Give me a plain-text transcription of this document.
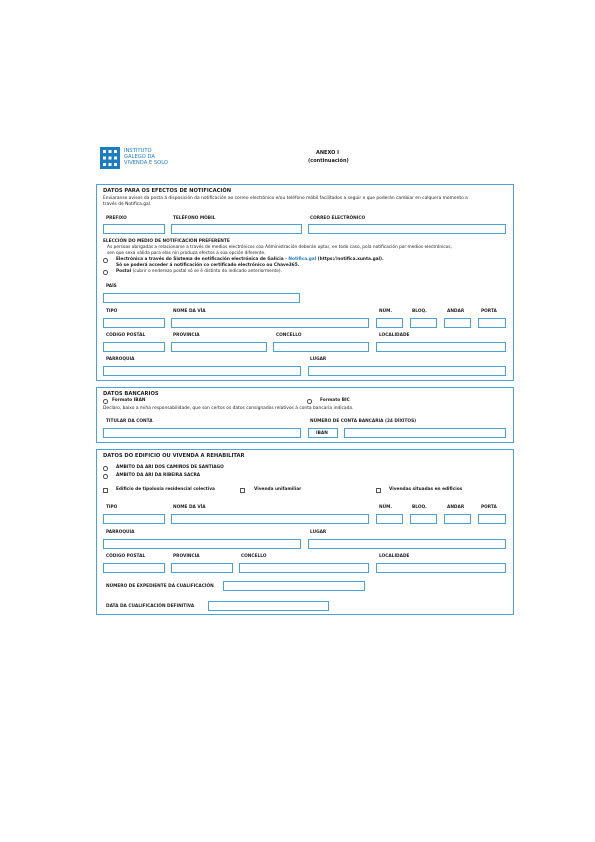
INSTITUTO
GALEGO DA
VIVENDA E SOLO
ANEXO I
(continuación)
DATOS PARA OS EFECTOS DE NOTIFICACIÓN
Enviaranse avisos da posta á disposición da notificación ao correo electrónico e/ou teléfono móbil facilitados a seguir e que poderán cambiar en calquera momento a
través de Notifica.gal.
PREFIXO	TELÉFONO MÓBIL	CORREO ELECTRÓNICO
ELECCIÓN DO MEDIO DE NOTIFICACIÓN PREFERENTE
As persoas obrigadas a relacionarse a través de medios electrónicos coa Administración deberán optar, en todo caso, pola notificación por medios electrónicos,
sen que sexa válida para elas nin produza efectos a súa opción diferente.
Electrónica a través do Sistema de notificación electrónica de Galicia - Notifica.gal (https://notifica.xunta.gal).
Só se poderá acceder á notificación co certificado electrónico ou Chave365.
Postal (cubrir o enderezo postal só se é distinto do indicado anteriormente).
PAÍS
TIPO	NOME DA VÍA	NÚM.	BLOQ.	ANDAR	PORTA
CÓDIGO POSTAL	PROVINCIA	CONCELLO	LOCALIDADE
PARROQUIA	LUGAR
DATOS BANCARIOS
Formato IBAN	Formato BIC
Declaro, baixo a miña responsabilidade, que son certos os datos consignados relativos á conta bancaria indicada.
TITULAR DA CONTA	NÚMERO DE CONTA BANCARIA (24 DÍXITOS)
IBAN
DATOS DO EDIFICIO OU VIVENDA A REHABILITAR
ÁMBITO DA ARI DOS CAMIÑOS DE SANTIAGO
ÁMBITO DA ARI DA RIBEIRA SACRA
Edificio de tipoloxía residencial colectiva	Vivenda unifamiliar	Vivendas situadas en edificios
TIPO	NOME DA VÍA	NÚM.	BLOQ.	ANDAR	PORTA
PARROQUIA	LUGAR
CÓDIGO POSTAL	PROVINCIA	CONCELLO	LOCALIDADE
NÚMERO DE EXPEDIENTE DA CUALIFICACIÓN
DATA DA CUALIFICACIÓN DEFINITIVA
